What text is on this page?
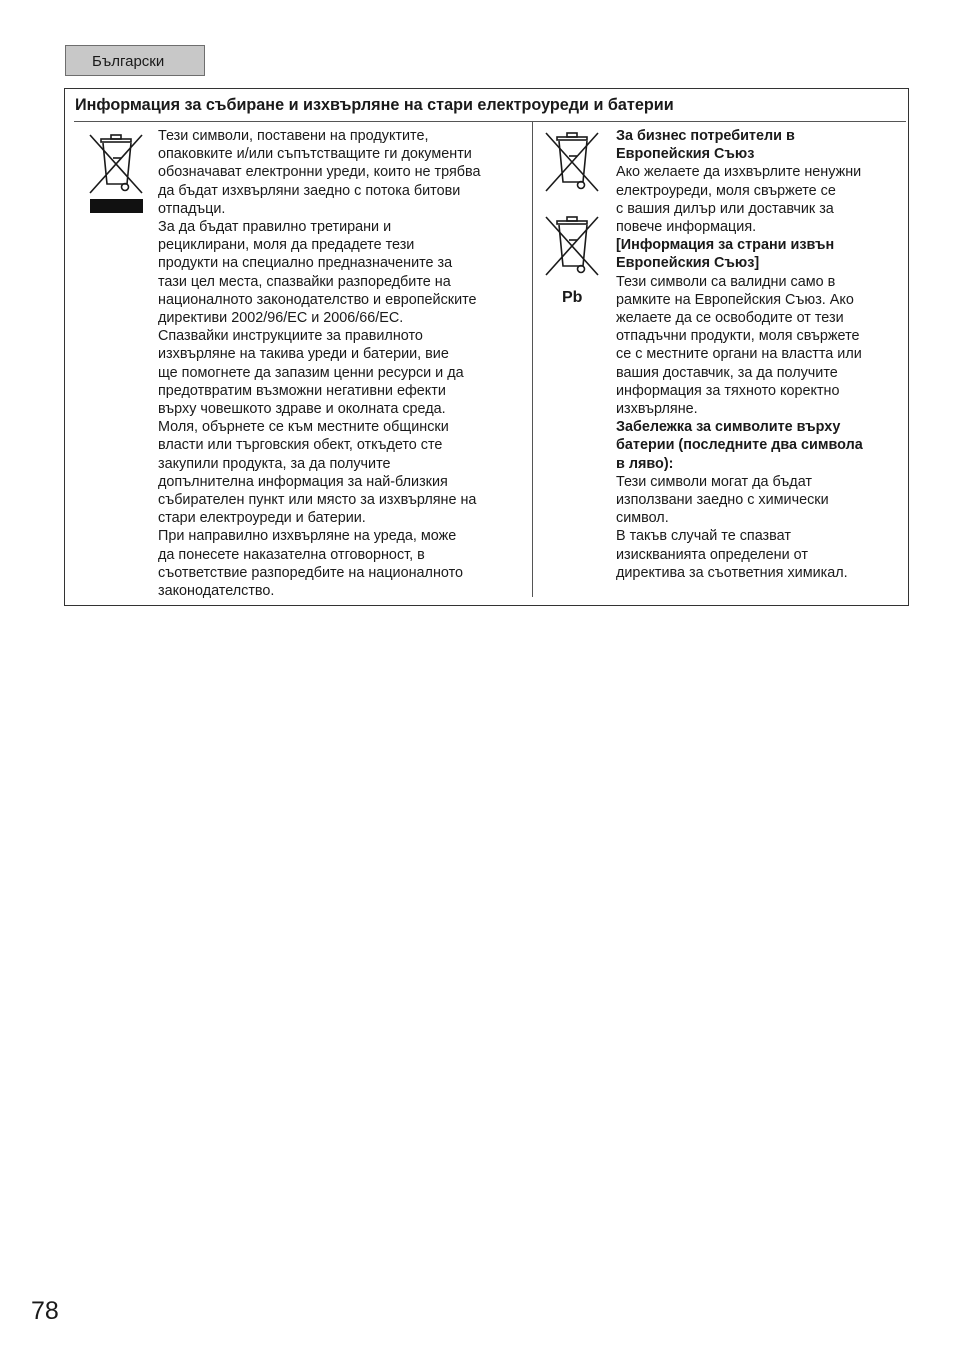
Български
Информация за събиране и изхвърляне на стари електроуреди и батерии
Pb

Тези символи, поставени на продуктите,

опаковките и/или съпътстващите ги документи

обозначават електронни уреди, които не трябва

да бъдат изхвърляни заедно с потока битови

отпадъци.

За да бъдат правилно третирани и

рециклирани, моля да предадете тези

продукти на специално предназначените за

тази цел места, спазвайки разпоредбите на

националното законодателство и европейските

директиви 2002/96/EC и 2006/66/EC.

Спазвайки инструкциите за правилното

изхвърляне на такива уреди и батерии, вие

ще помогнете да запазим ценни ресурси и да

предотвратим възможни негативни ефекти

върху човешкото здраве и околната среда.

Моля, обърнете се към местните общински

власти или търговския обект, откъдето сте

закупили продукта, за да получите

допълнителна информация за най-близкия

събирателен пункт или място за изхвърляне на

стари електроуреди и батерии.

При направилно изхвърляне на уреда, може

да понесете наказателна отговорност, в

съответствие разпоредбите на националното

законодателство.

За бизнес потребители в

Европейския Съюз

Ако желаете да изхвърлите ненужни

електроуреди, моля свържете се

с вашия дилър или доставчик за

повече информация.

[Информация за страни извън

Европейския Съюз]

Тези символи са валидни само в

рамките на Европейския Съюз. Ако

желаете да се освободите от тези

отпадъчни продукти, моля свържете

се с местните органи на властта или

вашия доставчик, за да получите

информация за тяхното коректно

изхвърляне.

Забележка за символите върху

батерии (последните два символа

в ляво):

Тези символи могат да бъдат

използвани заедно с химически

символ.

В такъв случай те спазват

изискванията определени от

директива за съответния химикал.

78
